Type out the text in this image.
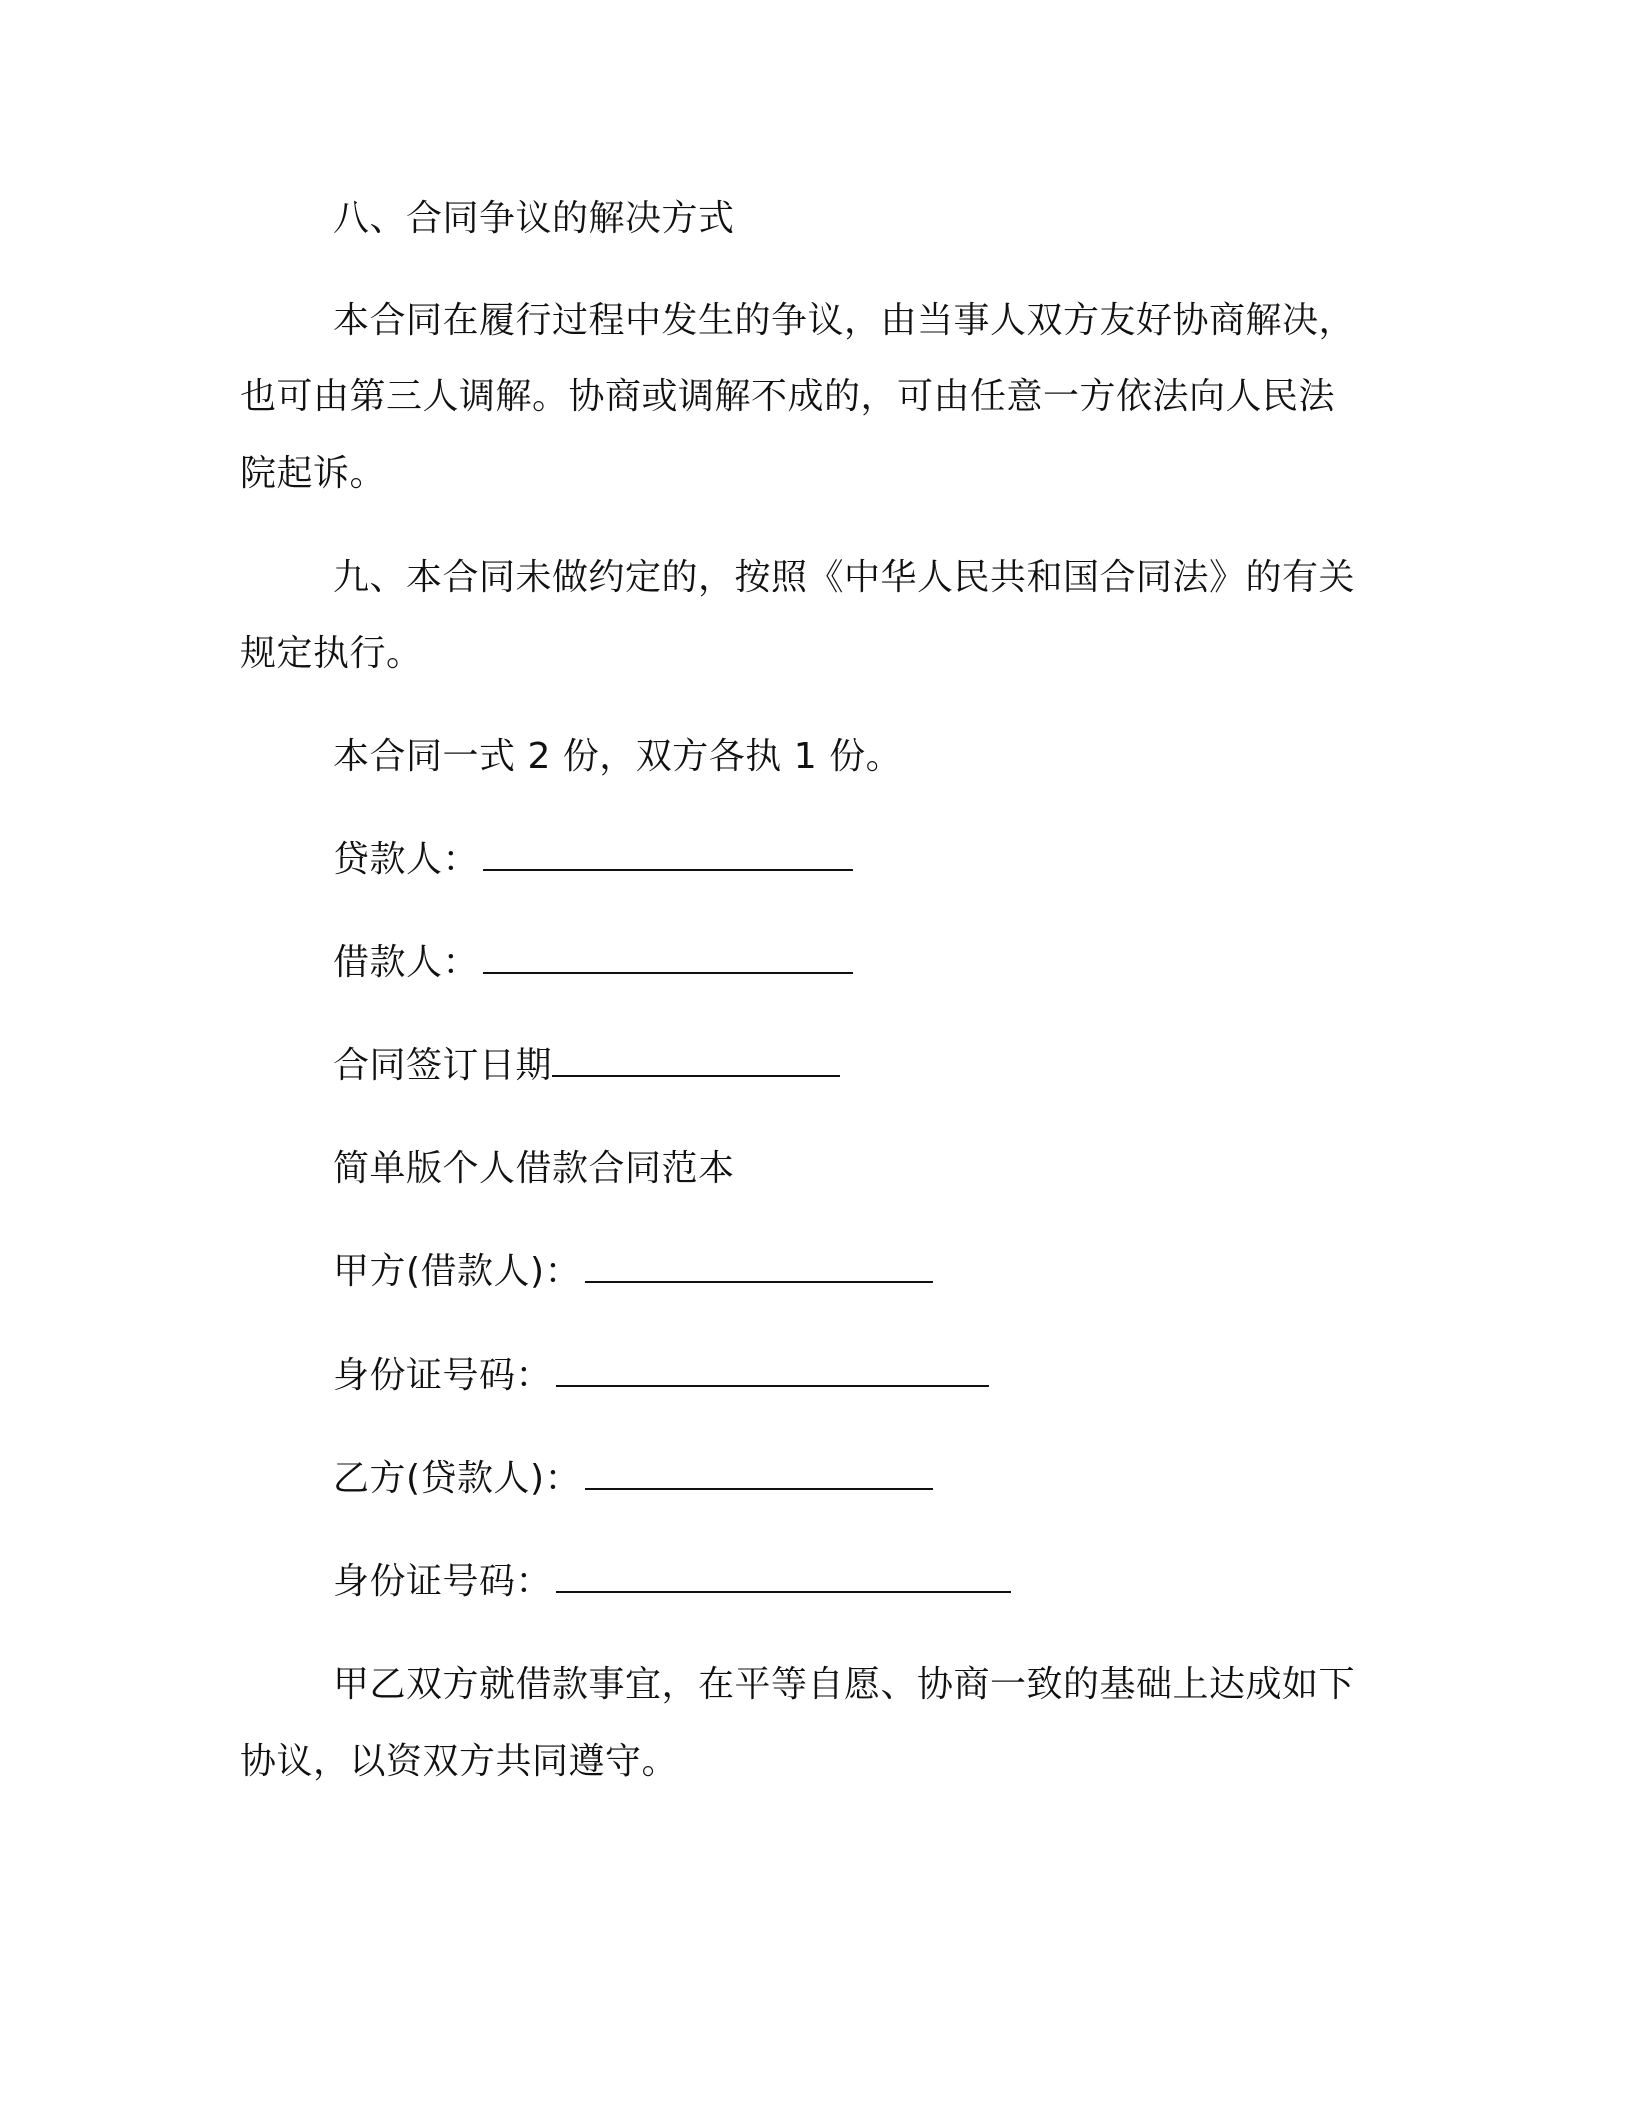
八、合同争议的解决方式
本合同在履行过程中发生的争议，由当事人双方友好协商解决，
也可由第三人调解。协商或调解不成的，可由任意一方依法向人民法
院起诉。
九、本合同未做约定的，按照《中华人民共和国合同法》的有关
规定执行。
本合同一式 2 份，双方各执 1 份。
贷款人：
借款人：
合同签订日期
简单版个人借款合同范本
甲方(借款人)：
身份证号码：
乙方(贷款人)：
身份证号码：
甲乙双方就借款事宜，在平等自愿、协商一致的基础上达成如下
协议，以资双方共同遵守。
